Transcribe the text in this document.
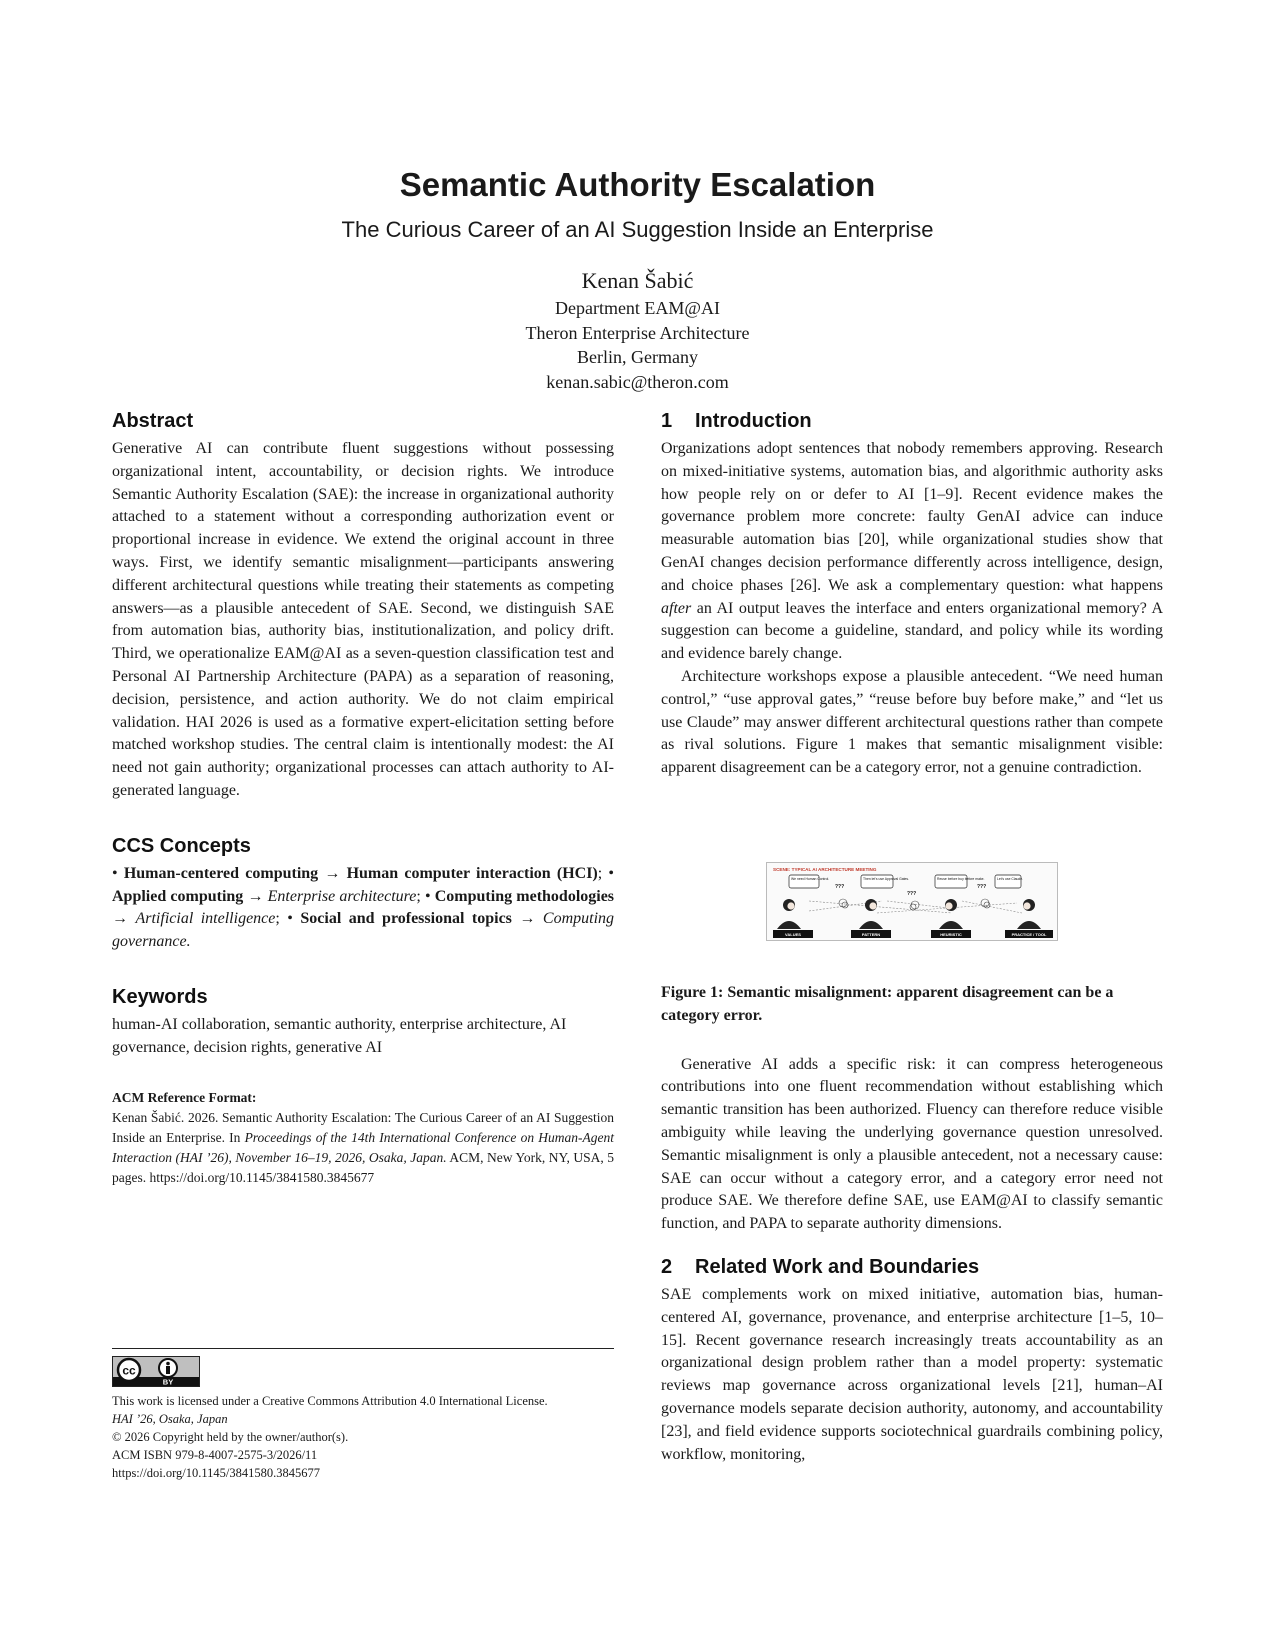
Semantic Authority Escalation
The Curious Career of an AI Suggestion Inside an Enterprise
Kenan Šabić
Department EAM@AI
Theron Enterprise Architecture
Berlin, Germany
kenan.sabic@theron.com
Abstract

Generative AI can contribute fluent suggestions without possessing organizational intent, accountability, or decision rights. We introduce Semantic Authority Escalation (SAE): the increase in organizational authority attached to a statement without a corresponding authorization event or proportional increase in evidence. We extend the original account in three ways. First, we identify semantic misalignment—participants answering different architectural questions while treating their statements as competing answers—as a plausible antecedent of SAE. Second, we distinguish SAE from automation bias, authority bias, institutionalization, and policy drift. Third, we operationalize EAM@AI as a seven-question classification test and Personal AI Partnership Architecture (PAPA) as a separation of reasoning, decision, persistence, and action authority. We do not claim empirical validation. HAI 2026 is used as a formative expert-elicitation setting before matched workshop studies. The central claim is intentionally modest: the AI need not gain authority; organizational processes can attach authority to AI-generated language.

CCS Concepts
• Human-centered computing → Human computer interaction (HCI); • Applied computing → Enterprise architecture; • Computing methodologies → Artificial intelligence; • Social and professional topics → Computing governance.
Keywords

human-AI collaboration, semantic authority, enterprise architecture, AI governance, decision rights, generative AI

ACM Reference Format:
Kenan Šabić. 2026. Semantic Authority Escalation: The Curious Career of an AI Suggestion Inside an Enterprise. In Proceedings of the 14th International Conference on Human-Agent Interaction (HAI ’26), November 16–19, 2026, Osaka, Japan. ACM, New York, NY, USA, 5 pages. https://doi.org/10.1145/3841580.3845677
cc
BY
This work is licensed under a Creative Commons Attribution 4.0 International License.
HAI ’26, Osaka, Japan
© 2026 Copyright held by the owner/author(s).
ACM ISBN 979-8-4007-2575-3/2026/11
https://doi.org/10.1145/3841580.3845677
1 Introduction

Organizations adopt sentences that nobody remembers approving. Research on mixed-initiative systems, automation bias, and algorithmic authority asks how people rely on or defer to AI [1–9]. Recent evidence makes the governance problem more concrete: faulty GenAI advice can induce measurable automation bias [20], while organizational studies show that GenAI changes decision performance differently across intelligence, design, and choice phases [26]. We ask a complementary question: what happens after an AI output leaves the interface and enters organizational memory? A suggestion can become a guideline, standard, and policy while its wording and evidence barely change.

Architecture workshops expose a plausible antecedent. “We need human control,” “use approval gates,” “reuse before buy before make,” and “let us use Claude” may answer different architectural questions rather than compete as rival solutions. Figure 1 makes that semantic misalignment visible: apparent disagreement can be a category error, not a genuine contradiction.

Figure 1: Semantic misalignment: apparent disagreement can be a category error.

Generative AI adds a specific risk: it can compress heterogeneous contributions into one fluent recommendation without establishing which semantic transition has been authorized. Fluency can therefore reduce visible ambiguity while leaving the underlying governance question unresolved. Semantic misalignment is only a plausible antecedent, not a necessary cause: SAE can occur without a category error, and a category error need not produce SAE. We therefore define SAE, use EAM@AI to classify semantic function, and PAPA to separate authority dimensions.

2 Related Work and Boundaries

SAE complements work on mixed initiative, automation bias, human-centered AI, governance, provenance, and enterprise architecture [1–5, 10–15]. Recent governance research increasingly treats accountability as an organizational design problem rather than a model property: systematic reviews map governance across organizational levels [21], human–AI governance models separate decision authority, autonomy, and accountability [23], and field evidence supports sociotechnical guardrails combining policy, workflow, monitoring,

SCENE: TYPICAL AI ARCHITECTURE MEETING
We need Human Control.	Then let's use Approval Gates.	Reuse before buy before make.	Let's use Claude.
???
???
???
VALUES	PATTERN	HEURISTIC	PRACTICE / TOOL
